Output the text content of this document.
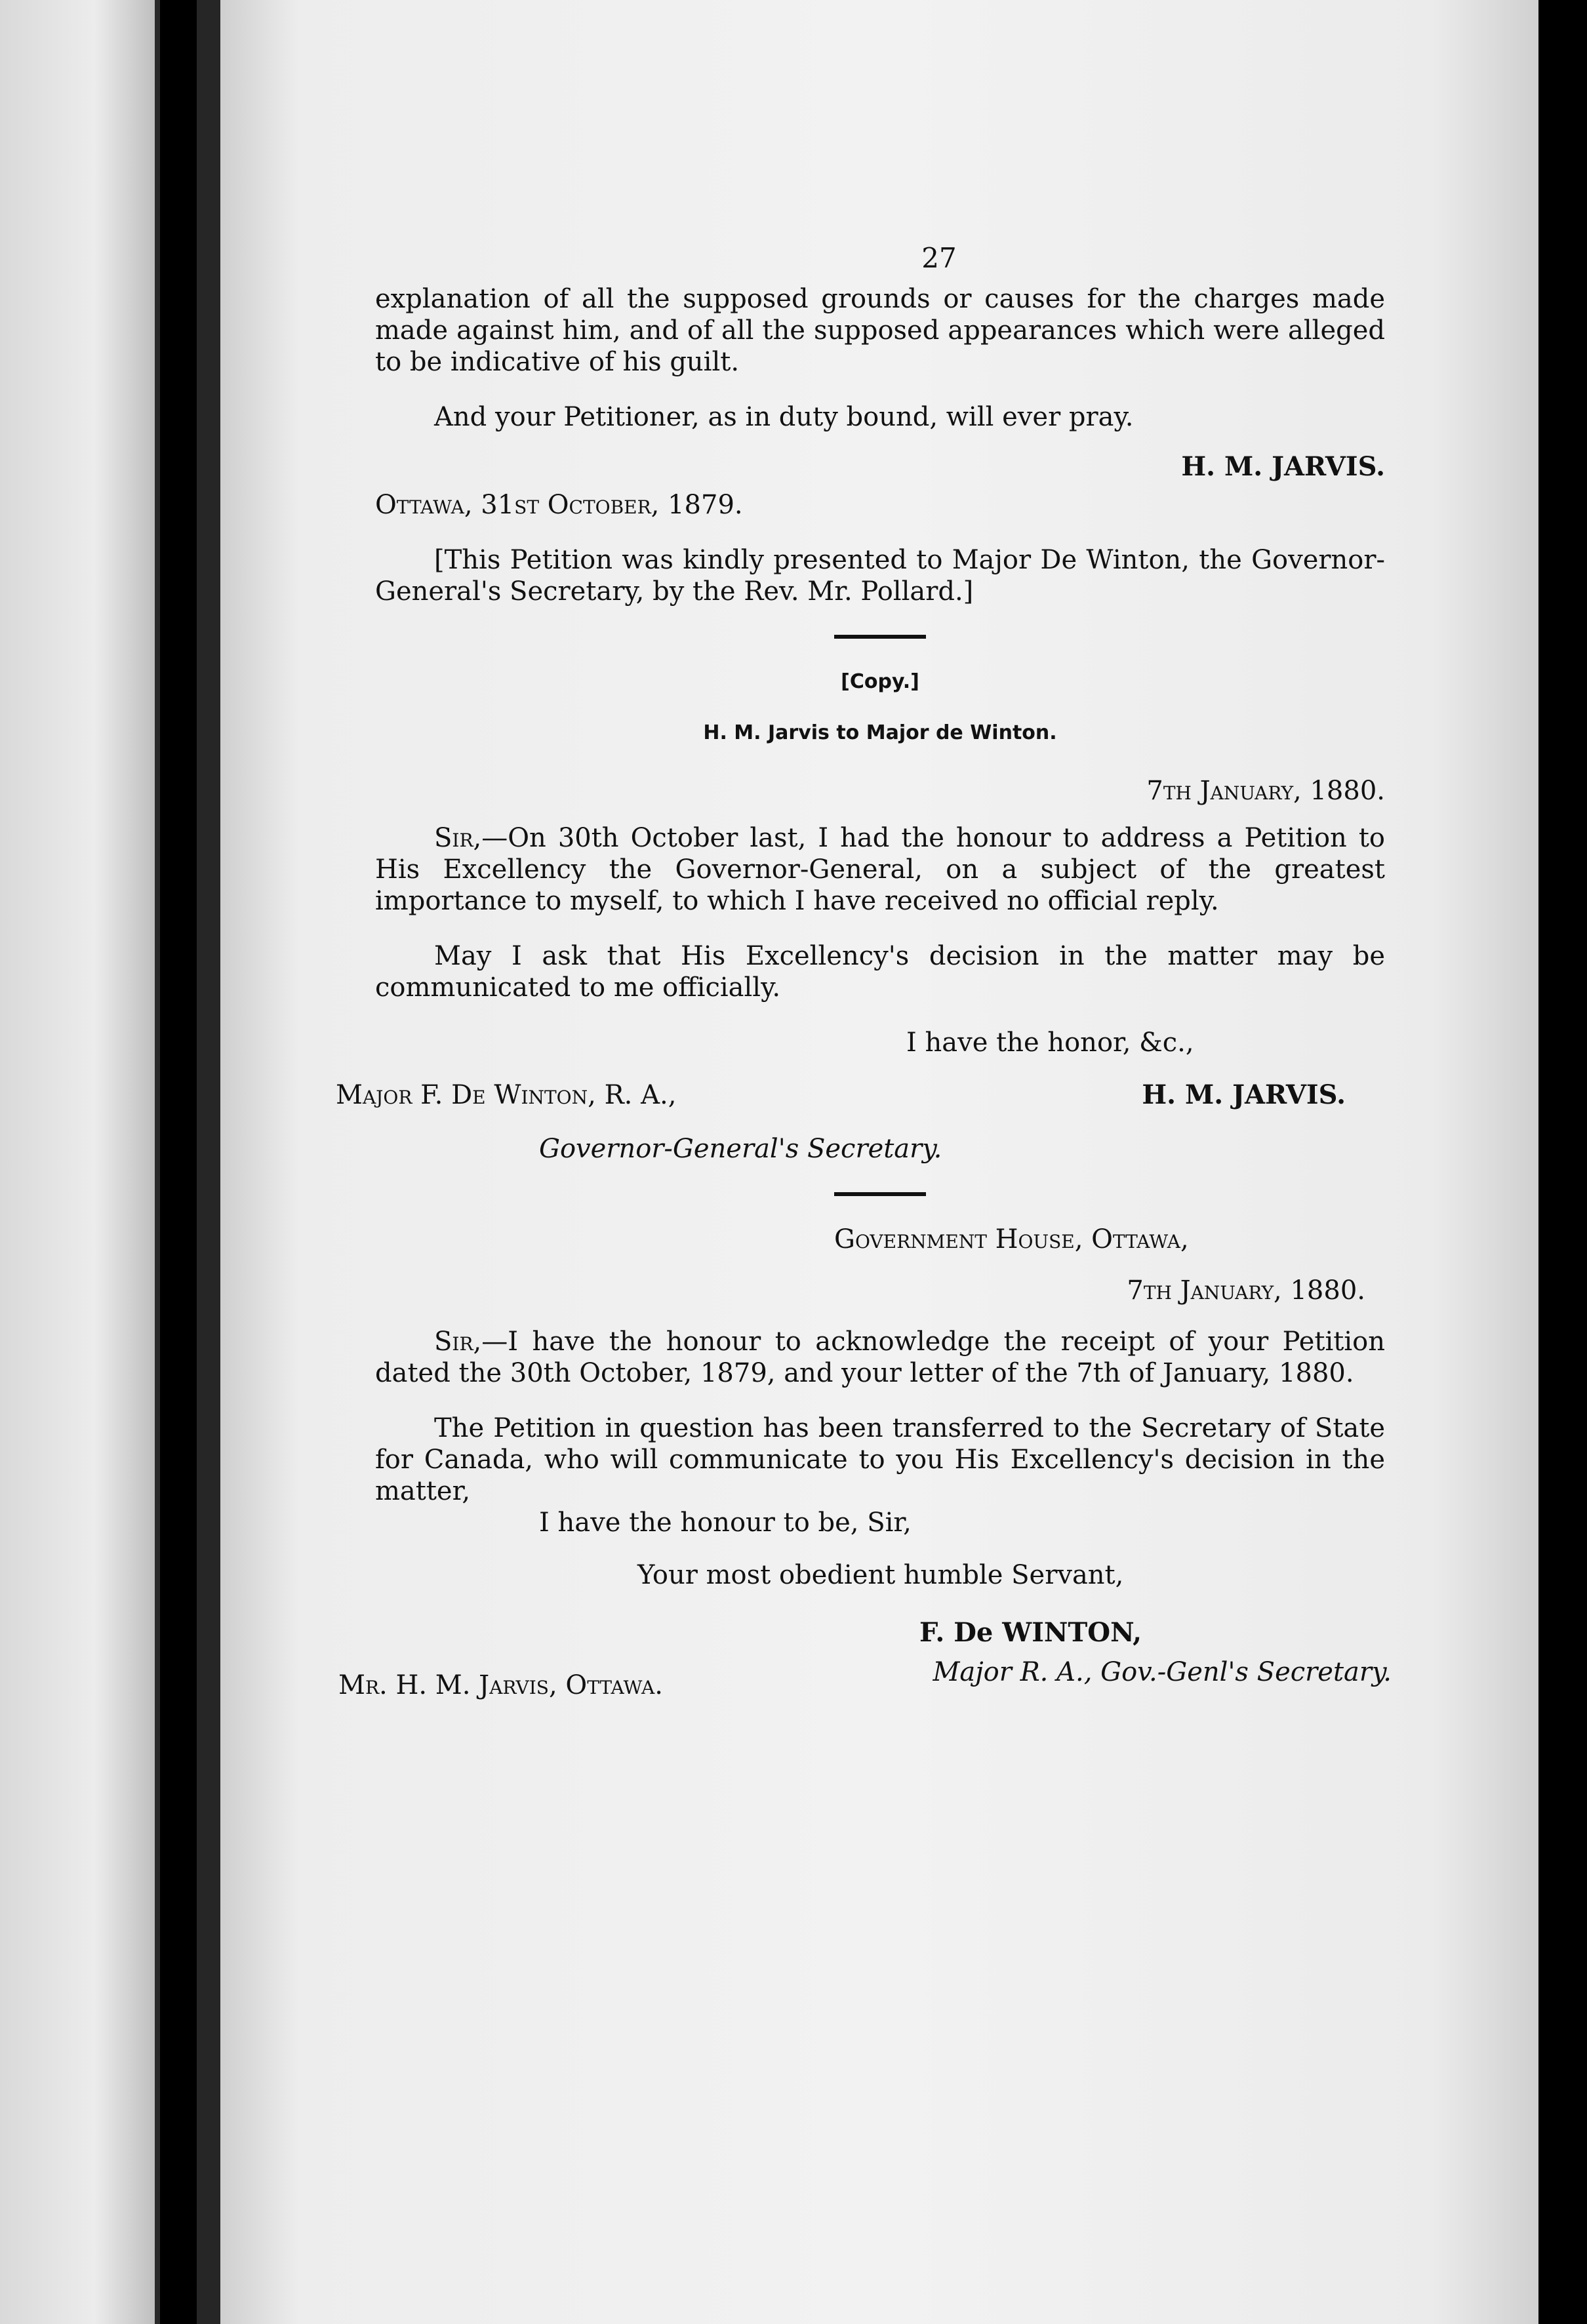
27

explanation of all the supposed grounds or causes for the charges made made against him, and of all the supposed appearances which were alleged to be indicative of his guilt.

And your Petitioner, as in duty bound, will ever pray.

H. M. JARVIS.
Ottawa, 31st October, 1879.

[This Petition was kindly presented to Major De Winton, the Governor-General's Secretary, by the Rev. Mr. Pollard.]

[Copy.]
H. M. Jarvis to Major de Winton.
7th January, 1880.

Sir,—On 30th October last, I had the honour to address a Petition to His Excellency the Governor-General, on a subject of the greatest importance to myself, to which I have received no official reply.

May I ask that His Excellency's decision in the matter may be communicated to me officially.

I have the honor, &c.,
Major F. De Winton, R. A.,	H. M. JARVIS.
Governor-General's Secretary.
Government House, Ottawa,
7th January, 1880.

Sir,—I have the honour to acknowledge the receipt of your Petition dated the 30th October, 1879, and your letter of the 7th of January, 1880.

The Petition in question has been transferred to the Secretary of State for Canada, who will communicate to you His Excellency's decision in the matter,

I have the honour to be, Sir,
Your most obedient humble Servant,
F. De WINTON,
Mr. H. M. Jarvis, Ottawa.	Major R. A., Gov.-Genl's Secretary.
